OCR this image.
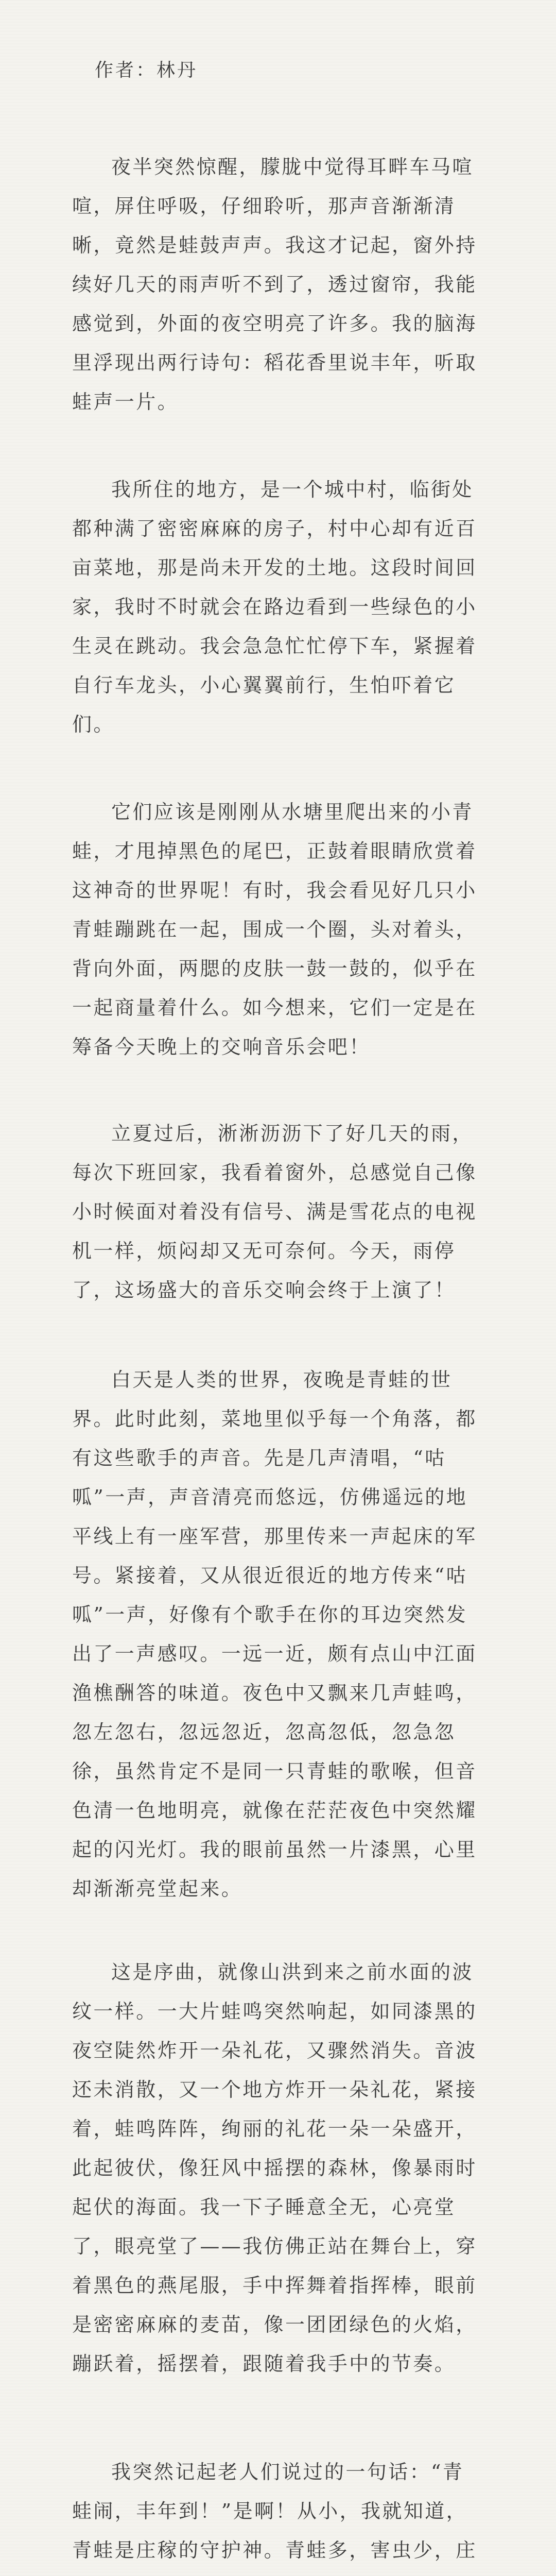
作者：林丹
夜半突然惊醒，朦胧中觉得耳畔车马喧
喧，屏住呼吸，仔细聆听，那声音渐渐清
晰，竟然是蛙鼓声声。我这才记起，窗外持
续好几天的雨声听不到了，透过窗帘，我能
感觉到，外面的夜空明亮了许多。我的脑海
里浮现出两行诗句：稻花香里说丰年，听取
蛙声一片。
我所住的地方，是一个城中村，临街处
都种满了密密麻麻的房子，村中心却有近百
亩菜地，那是尚未开发的土地。这段时间回
家，我时不时就会在路边看到一些绿色的小
生灵在跳动。我会急急忙忙停下车，紧握着
自行车龙头，小心翼翼前行，生怕吓着它
们。
它们应该是刚刚从水塘里爬出来的小青
蛙，才甩掉黑色的尾巴，正鼓着眼睛欣赏着
这神奇的世界呢！有时，我会看见好几只小
青蛙蹦跳在一起，围成一个圈，头对着头，
背向外面，两腮的皮肤一鼓一鼓的，似乎在
一起商量着什么。如今想来，它们一定是在
筹备今天晚上的交响音乐会吧！
立夏过后，淅淅沥沥下了好几天的雨，
每次下班回家，我看着窗外，总感觉自己像
小时候面对着没有信号、满是雪花点的电视
机一样，烦闷却又无可奈何。今天，雨停
了，这场盛大的音乐交响会终于上演了！
白天是人类的世界，夜晚是青蛙的世
界。此时此刻，菜地里似乎每一个角落，都
有这些歌手的声音。先是几声清唱，“咕
呱”一声，声音清亮而悠远，仿佛遥远的地
平线上有一座军营，那里传来一声起床的军
号。紧接着，又从很近很近的地方传来“咕
呱”一声，好像有个歌手在你的耳边突然发
出了一声感叹。一远一近，颇有点山中江面
渔樵酬答的味道。夜色中又飘来几声蛙鸣，
忽左忽右，忽远忽近，忽高忽低，忽急忽
徐，虽然肯定不是同一只青蛙的歌喉，但音
色清一色地明亮，就像在茫茫夜色中突然耀
起的闪光灯。我的眼前虽然一片漆黑，心里
却渐渐亮堂起来。
这是序曲，就像山洪到来之前水面的波
纹一样。一大片蛙鸣突然响起，如同漆黑的
夜空陡然炸开一朵礼花，又骤然消失。音波
还未消散，又一个地方炸开一朵礼花，紧接
着，蛙鸣阵阵，绚丽的礼花一朵一朵盛开，
此起彼伏，像狂风中摇摆的森林，像暴雨时
起伏的海面。我一下子睡意全无，心亮堂
了，眼亮堂了——我仿佛正站在舞台上，穿
着黑色的燕尾服，手中挥舞着指挥棒，眼前
是密密麻麻的麦苗，像一团团绿色的火焰，
蹦跃着，摇摆着，跟随着我手中的节奏。
我突然记起老人们说过的一句话：“青
蛙闹，丰年到！”是啊！从小，我就知道，
青蛙是庄稼的守护神。青蛙多，害虫少，庄
